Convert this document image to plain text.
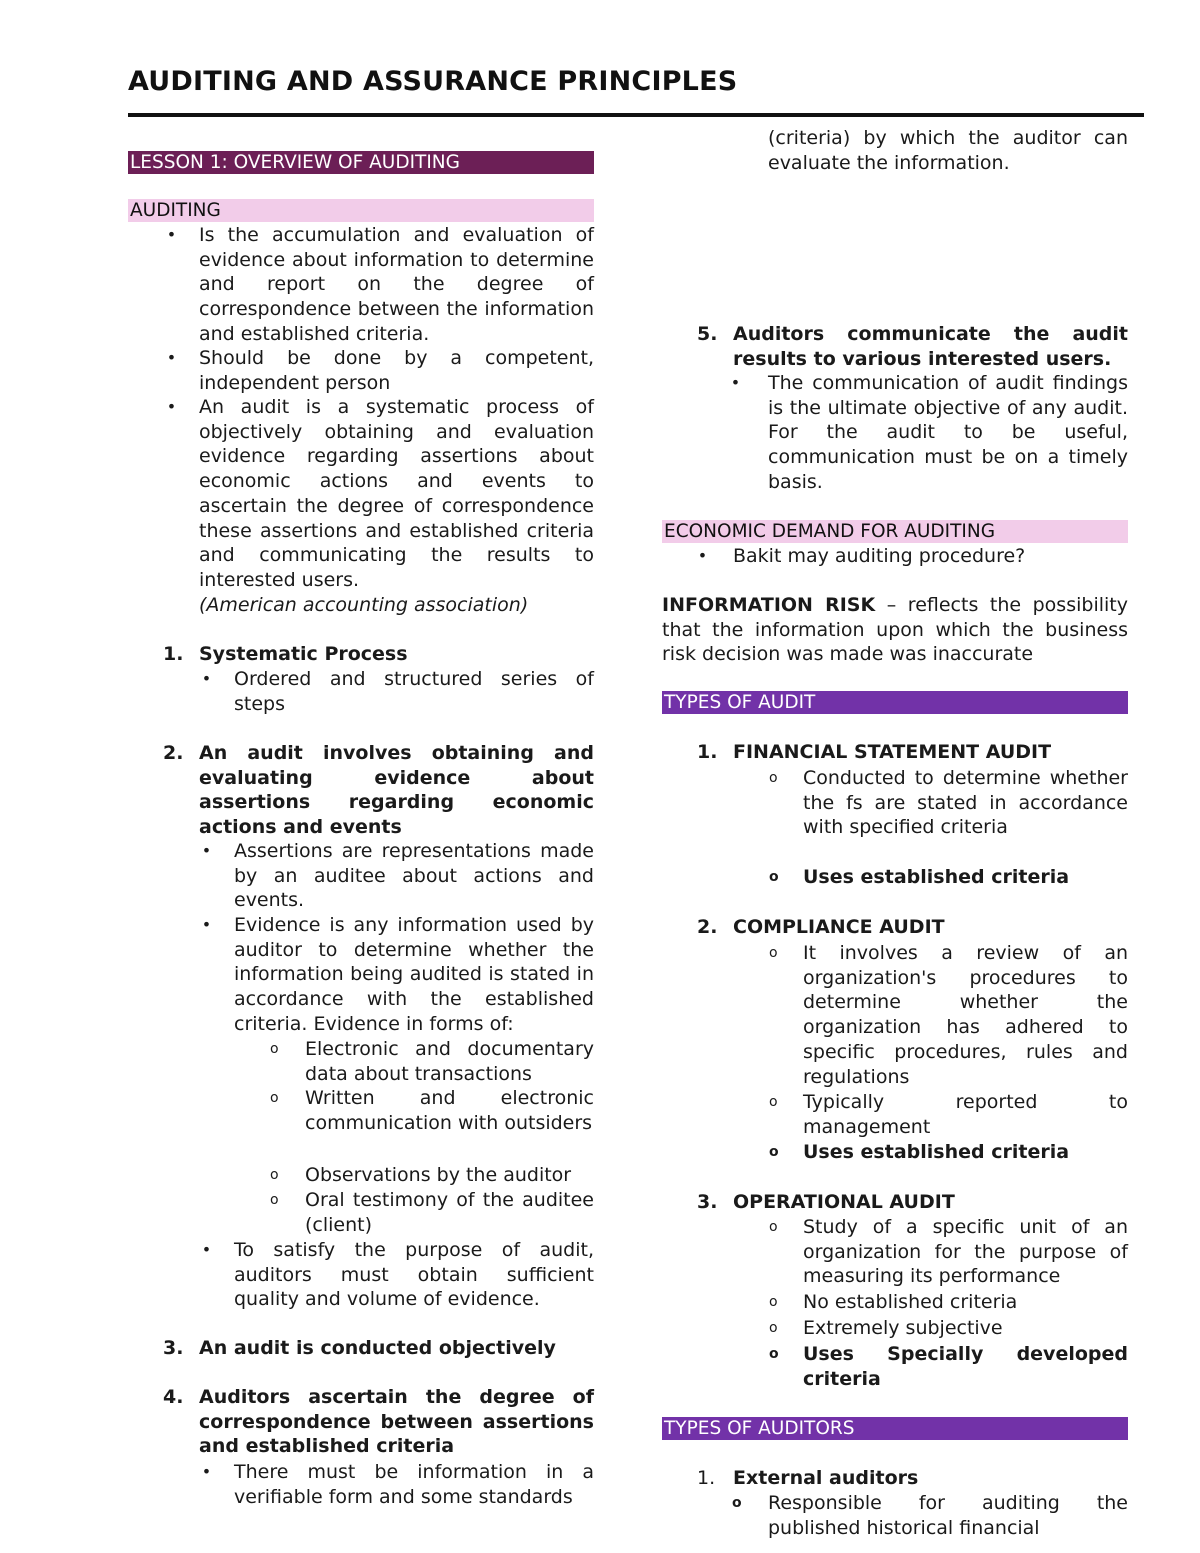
AUDITING AND ASSURANCE PRINCIPLES
LESSON 1: OVERVIEW OF AUDITING
AUDITING
• Is the accumulation and evaluation of evidence about information to determine and report on the degree of correspondence between the information and established criteria.

• Should be done by a competent, independent person

• An audit is a systematic process of objectively obtaining and evaluation evidence regarding assertions about economic actions and events to ascertain the degree of correspondence these assertions and established criteria and communicating the results to interested users.

(American accounting association)

1. Systematic Process
• Ordered and structured series of steps

2. An audit involves obtaining and evaluating evidence about assertions regarding economic actions and events

• Assertions are representations made by an auditee about actions and events.

• Evidence is any information used by auditor to determine whether the information being audited is stated in accordance with the established criteria. Evidence in forms of:

o Electronic and documentary data about transactions

o Written and electronic communication with outsiders

o Observations by the auditor

o Oral testimony of the auditee (client)

• To satisfy the purpose of audit, auditors must obtain sufficient quality and volume of evidence.

3. An audit is conducted objectively
4. Auditors ascertain the degree of correspondence between assertions and established criteria

• There must be information in a verifiable form and some standards

(criteria) by which the auditor can evaluate the information.

5. Auditors communicate the audit results to various interested users.

• The communication of audit findings is the ultimate objective of any audit. For the audit to be useful, communication must be on a timely basis.

ECONOMIC DEMAND FOR AUDITING
• Bakit may auditing procedure?

INFORMATION RISK – reflects the possibility that the information upon which the business risk decision was made was inaccurate

TYPES OF AUDIT
1. FINANCIAL STATEMENT AUDIT
o Conducted to determine whether the fs are stated in accordance with specified criteria

o Uses established criteria
2. COMPLIANCE AUDIT
o It involves a review of an organization's procedures to determine whether the organization has adhered to specific procedures, rules and regulations

o Typically reported to management

o Uses established criteria
3. OPERATIONAL AUDIT
o Study of a specific unit of an organization for the purpose of measuring its performance

o No established criteria

o Extremely subjective

o Uses Specially developed criteria

TYPES OF AUDITORS
1. External auditors
o Responsible for auditing the published historical financial
